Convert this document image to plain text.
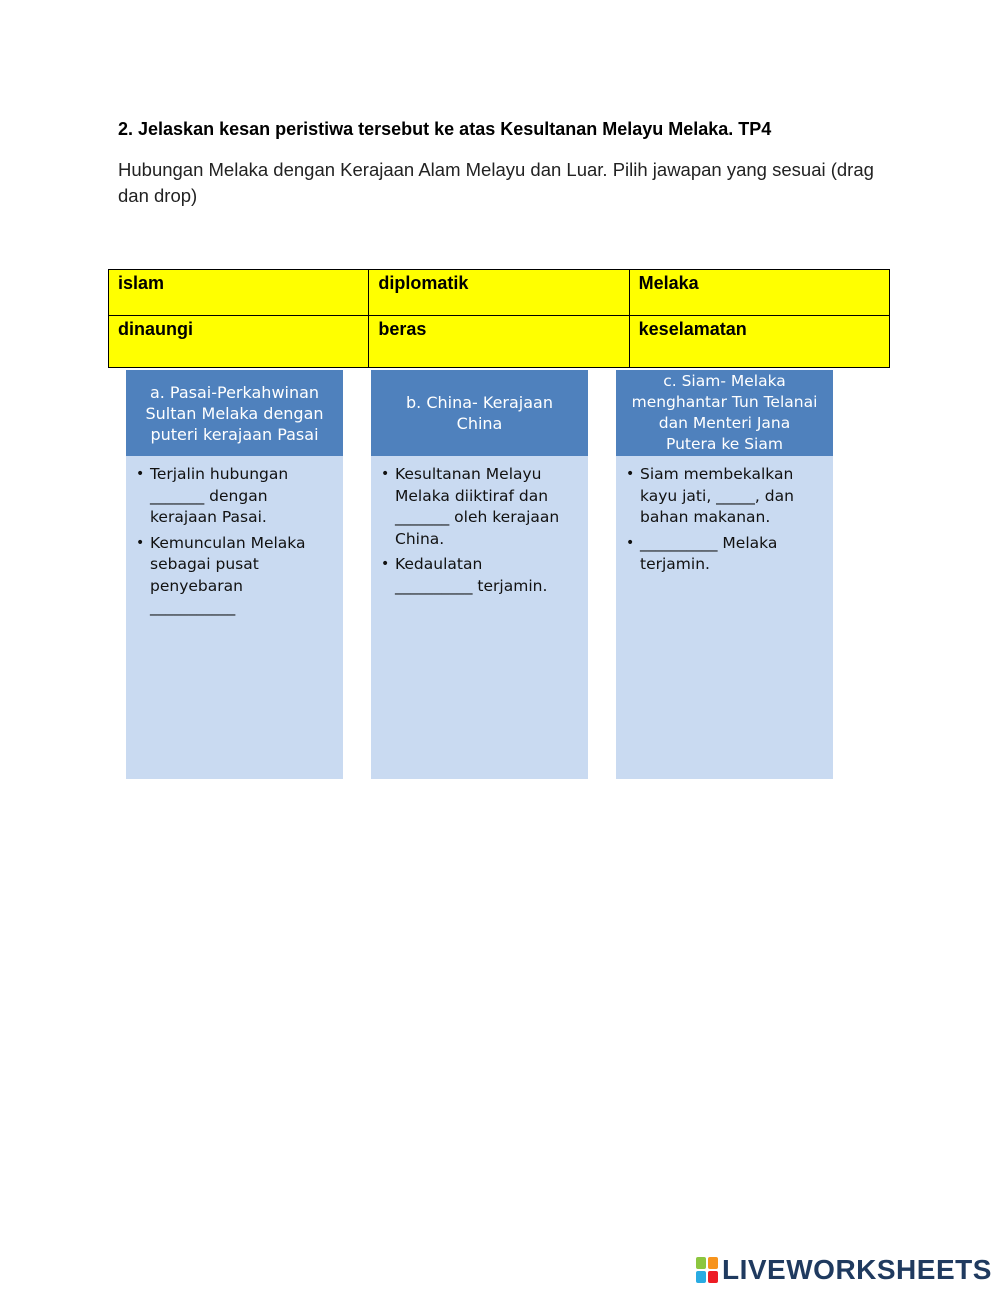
2. Jelaskan kesan peristiwa tersebut ke atas Kesultanan Melayu Melaka. TP4
Hubungan Melaka dengan Kerajaan Alam Melayu dan Luar. Pilih jawapan yang sesuai (drag dan drop)
islam	diplomatik	Melaka
dinaungi	beras	keselamatan
a. Pasai-Perkahwinan
Sultan Melaka dengan
puteri kerajaan Pasai
• Terjalin hubungan
_______ dengan
kerajaan Pasai.
• Kemunculan Melaka
sebagai pusat
penyebaran
___________
b. China- Kerajaan
China
• Kesultanan Melayu
Melaka diiktiraf dan
_______ oleh kerajaan
China.
• Kedaulatan
__________ terjamin.
c. Siam- Melaka
menghantar Tun Telanai
dan Menteri Jana
Putera ke Siam
• Siam membekalkan
kayu jati, _____, dan
bahan makanan.
• __________ Melaka
terjamin.
LIVEWORKSHEETS
